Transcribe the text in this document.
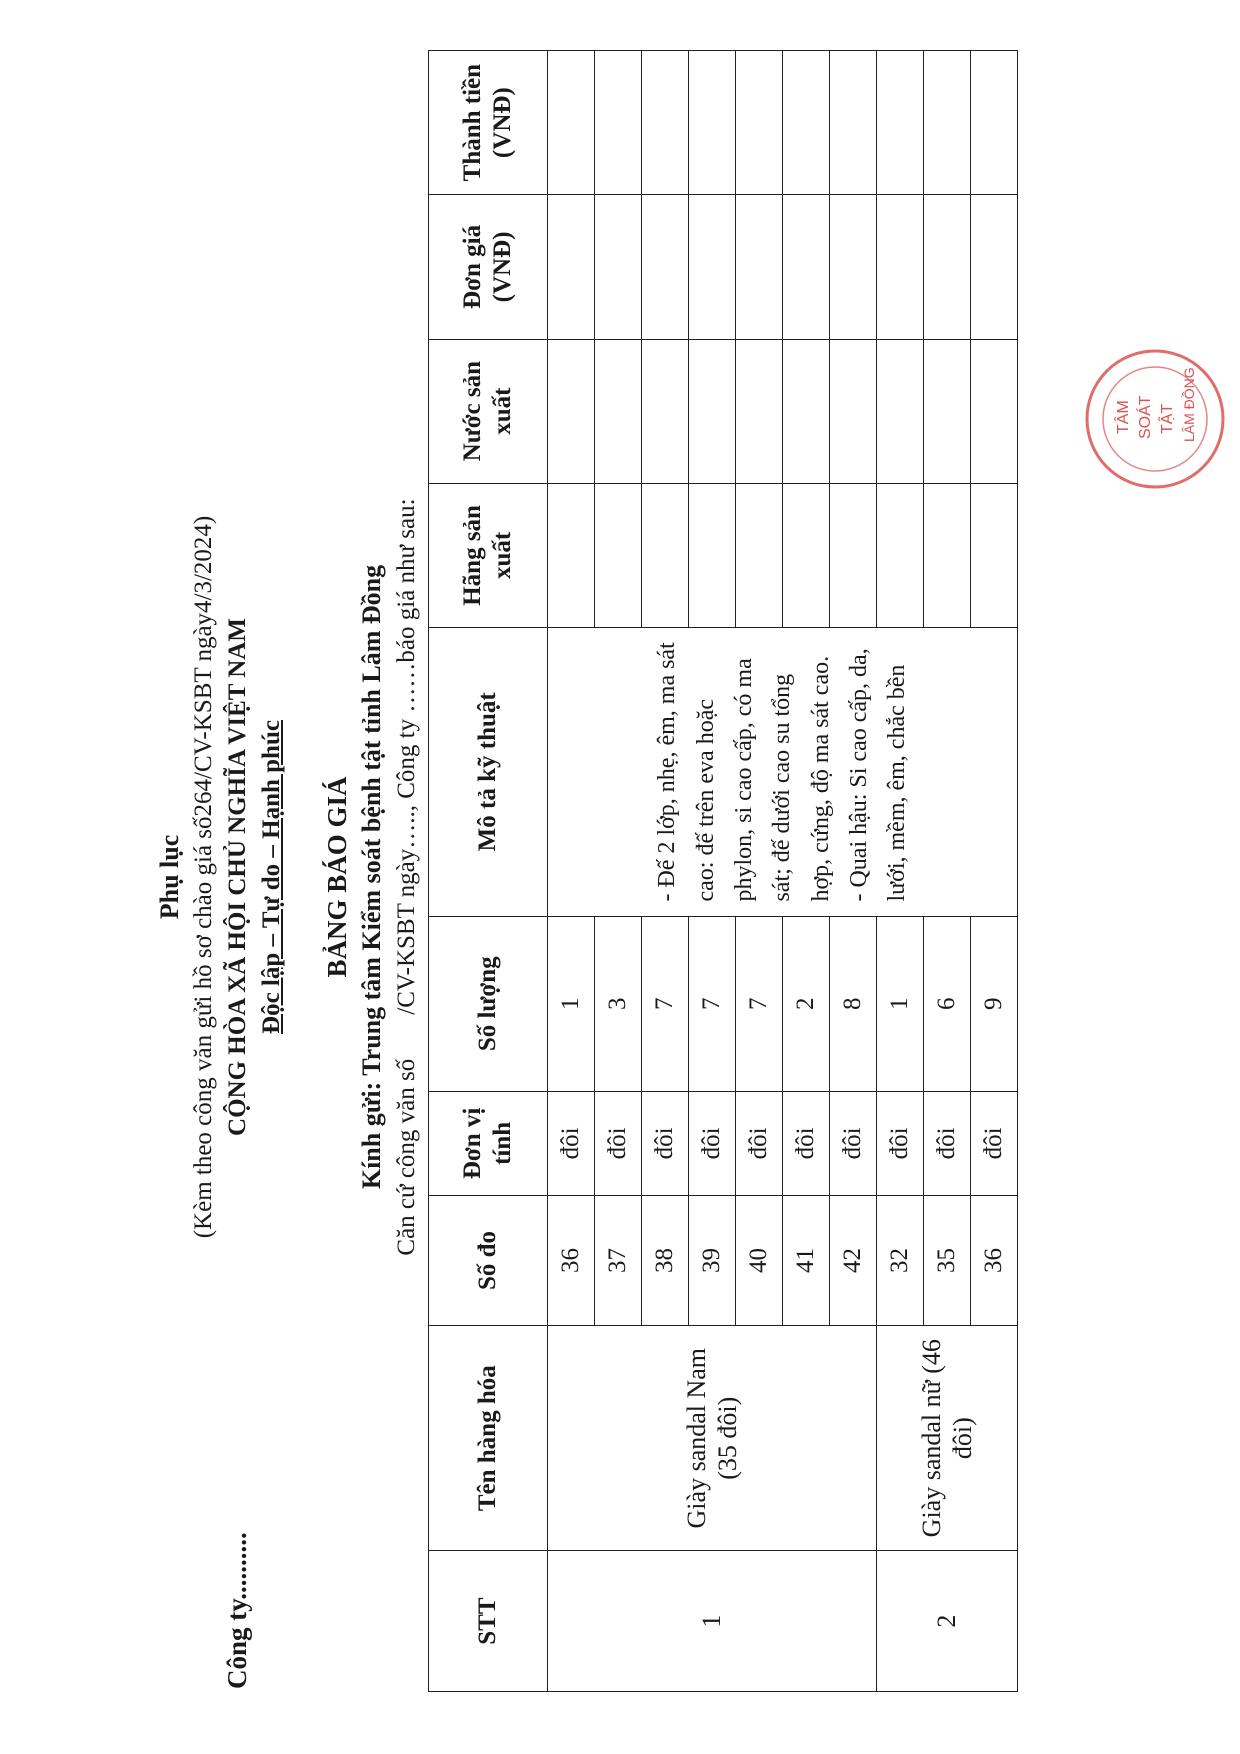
Công ty..........
Phụ lục (Kèm theo công văn gửi hồ sơ chào giá số264/CV-KSBT ngày4/3/2024) CỘNG HÒA XÃ HỘI CHỦ NGHĨA VIỆT NAM Độc lập – Tự do – Hạnh phúc BẢNG BÁO GIÁ Kính gửi: Trung tâm Kiểm soát bệnh tật tỉnh Lâm Đồng Căn cứ công văn số/CV-KSBT ngày….., Công ty ……báo giá như sau:
STT	Tên hàng hóa	Số đo	Đơn vị tính	Số lượng	Mô tả kỹ thuật	Hãng sản xuất	Nước sản xuất	Đơn giá (VNĐ)	Thành tiền (VNĐ)
1	Giày sandal Nam (35 đôi)	36	đôi	1	- Đế 2 lớp, nhẹ, êm, ma sát cao: đế trên eva hoặc phylon, si cao cấp, có ma sát; đế dưới cao su tổng hợp, cứng, độ ma sát cao. - Quai hậu: Si cao cấp, da, lưới, mềm, êm, chắc bền				

		37	đôi	3					
		38	đôi	7					
		39	đôi	7					
		40	đôi	7					
		41	đôi	2					
		42	đôi	8					
2	Giày sandal nữ (46 đôi)	32	đôi	1					
		35	đôi	6					
		36	đôi	9					
TÂM SOÁT TẬT LÂM ĐỒNG
